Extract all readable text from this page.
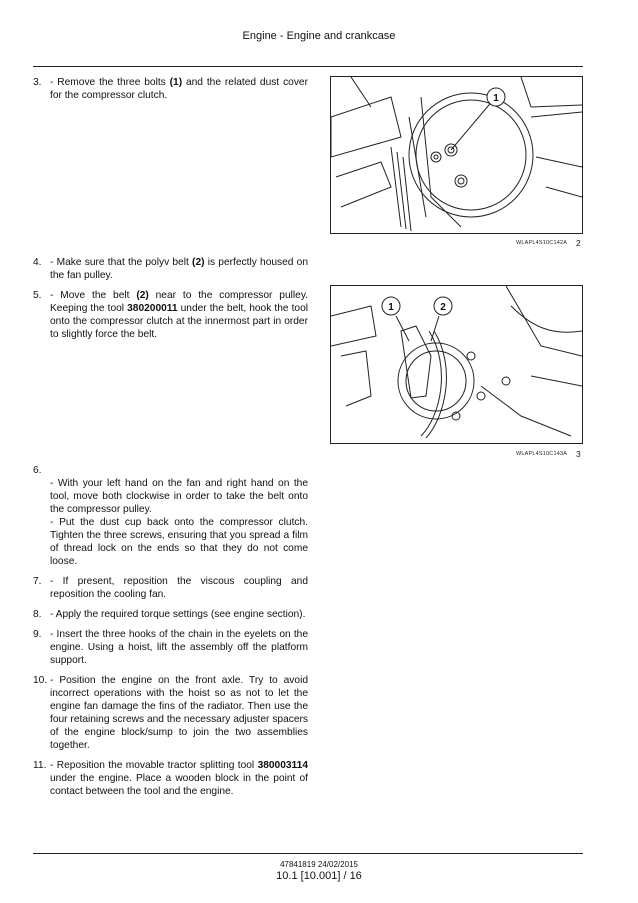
Engine - Engine and crankcase

3. - Remove the three bolts (1) and the related dust cover for the compressor clutch.

4. - Make sure that the polyv belt (2) is perfectly housed on the fan pulley.

5. - Move the belt (2) near to the compressor pulley. Keeping the tool 380200011 under the belt, hook the tool onto the compressor clutch at the innermost part in order to slightly force the belt.

6.
- With your left hand on the fan and right hand on the tool, move both clockwise in order to take the belt onto the compressor pulley.
- Put the dust cup back onto the compressor clutch. Tighten the three screws, ensuring that you spread a film of thread lock on the ends so that they do not come loose.

7. - If present, reposition the viscous coupling and reposition the cooling fan.

8. - Apply the required torque settings (see engine section).

9. - Insert the three hooks of the chain in the eyelets on the engine. Using a hoist, lift the assembly off the platform support.

10. - Position the engine on the front axle. Try to avoid incorrect operations with the hoist so as not to let the engine fan damage the fins of the radiator. Then use the four retaining screws and the necessary adjuster spacers of the engine block/sump to join the two assemblies together.

11. - Reposition the movable tractor splitting tool 380003114 under the engine. Place a wooden block in the point of contact between the tool and the engine.

1
WLAPL4S10C142A 2
1	2
WLAPL4S10C143A 3
47841819 24/02/2015
10.1 [10.001] / 16
